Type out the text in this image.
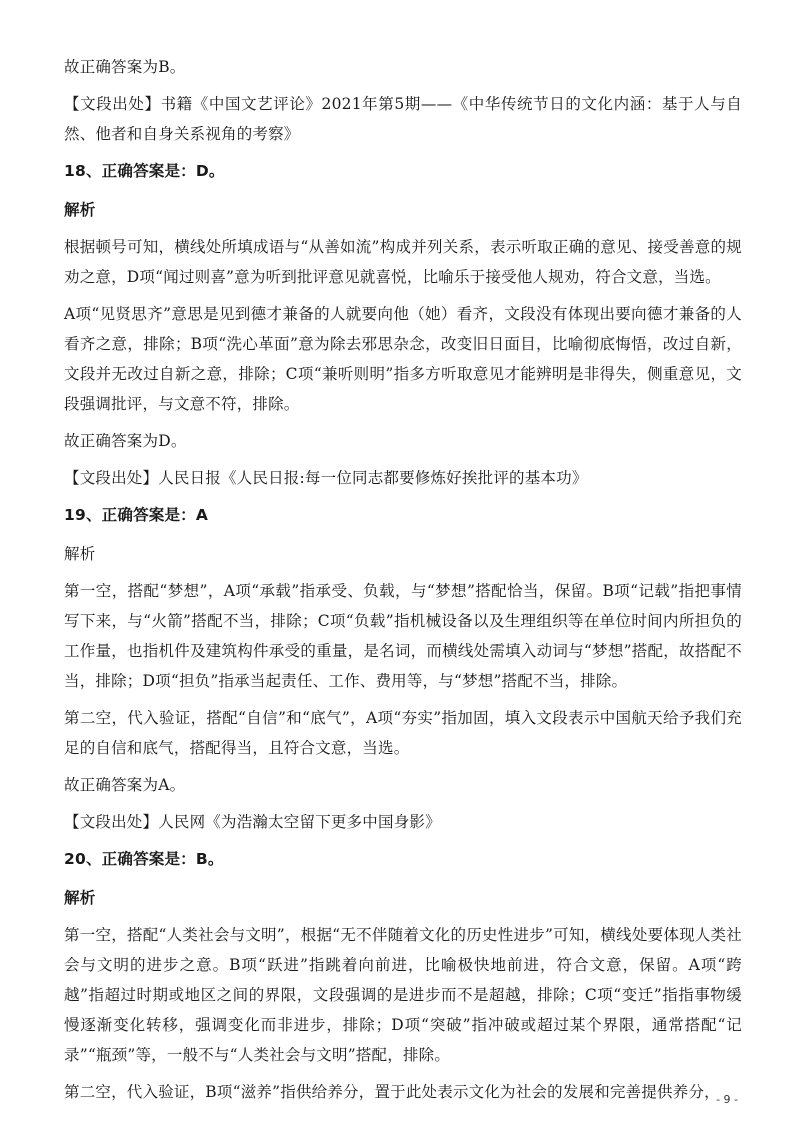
故正确答案为B。

【文段出处】书籍《中国文艺评论》2021年第5期——《中华传统节日的文化内涵：基于人与自然、他者和自身关系视角的考察》

18、正确答案是：D。

解析

根据顿号可知，横线处所填成语与“从善如流”构成并列关系，表示听取正确的意见、接受善意的规劝之意，D项“闻过则喜”意为听到批评意见就喜悦，比喻乐于接受他人规劝，符合文意，当选。

A项“见贤思齐”意思是见到德才兼备的人就要向他（她）看齐，文段没有体现出要向德才兼备的人看齐之意，排除；B项“洗心革面”意为除去邪思杂念，改变旧日面目，比喻彻底悔悟，改过自新，文段并无改过自新之意，排除；C项“兼听则明”指多方听取意见才能辨明是非得失，侧重意见，文段强调批评，与文意不符，排除。

故正确答案为D。

【文段出处】人民日报《人民日报:每一位同志都要修炼好挨批评的基本功》

19、正确答案是：A

解析

第一空，搭配“梦想”，A项“承载”指承受、负载，与“梦想”搭配恰当，保留。B项“记载”指把事情写下来，与“火箭”搭配不当，排除；C项“负载”指机械设备以及生理组织等在单位时间内所担负的工作量，也指机件及建筑构件承受的重量，是名词，而横线处需填入动词与“梦想”搭配，故搭配不当，排除；D项“担负”指承当起责任、工作、费用等，与“梦想”搭配不当，排除。

第二空，代入验证，搭配“自信”和“底气”，A项“夯实”指加固，填入文段表示中国航天给予我们充足的自信和底气，搭配得当，且符合文意，当选。

故正确答案为A。

【文段出处】人民网《为浩瀚太空留下更多中国身影》

20、正确答案是：B。

解析

第一空，搭配“人类社会与文明”，根据“无不伴随着文化的历史性进步”可知，横线处要体现人类社会与文明的进步之意。B项“跃进”指跳着向前进，比喻极快地前进，符合文意，保留。A项“跨越”指超过时期或地区之间的界限，文段强调的是进步而不是超越，排除；C项“变迁”指指事物缓慢逐渐变化转移，强调变化而非进步，排除；D项“突破”指冲破或超过某个界限，通常搭配“记录”“瓶颈”等，一般不与“人类社会与文明”搭配，排除。

第二空，代入验证，B项“滋养”指供给养分，置于此处表示文化为社会的发展和完善提供养分，

- 9 -
